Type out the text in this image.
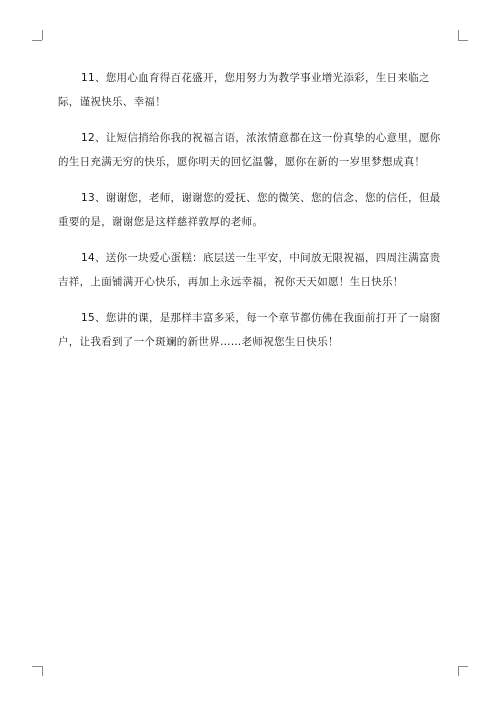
11、您用心血育得百花盛开，您用努力为教学事业增光添彩，生日来临之际，谨祝快乐、幸福！

12、让短信捎给你我的祝福言语，浓浓情意都在这一份真挚的心意里，愿你的生日充满无穷的快乐，愿你明天的回忆温馨，愿你在新的一岁里梦想成真！

13、谢谢您，老师，谢谢您的爱抚、您的微笑、您的信念、您的信任，但最重要的是，谢谢您是这样慈祥敦厚的老师。

14、送你一块爱心蛋糕：底层送一生平安，中间放无限祝福，四周注满富贵吉祥，上面铺满开心快乐，再加上永远幸福，祝你天天如愿！生日快乐！

15、您讲的课，是那样丰富多采，每一个章节都仿佛在我面前打开了一扇窗户，让我看到了一个斑斓的新世界……老师祝您生日快乐！
